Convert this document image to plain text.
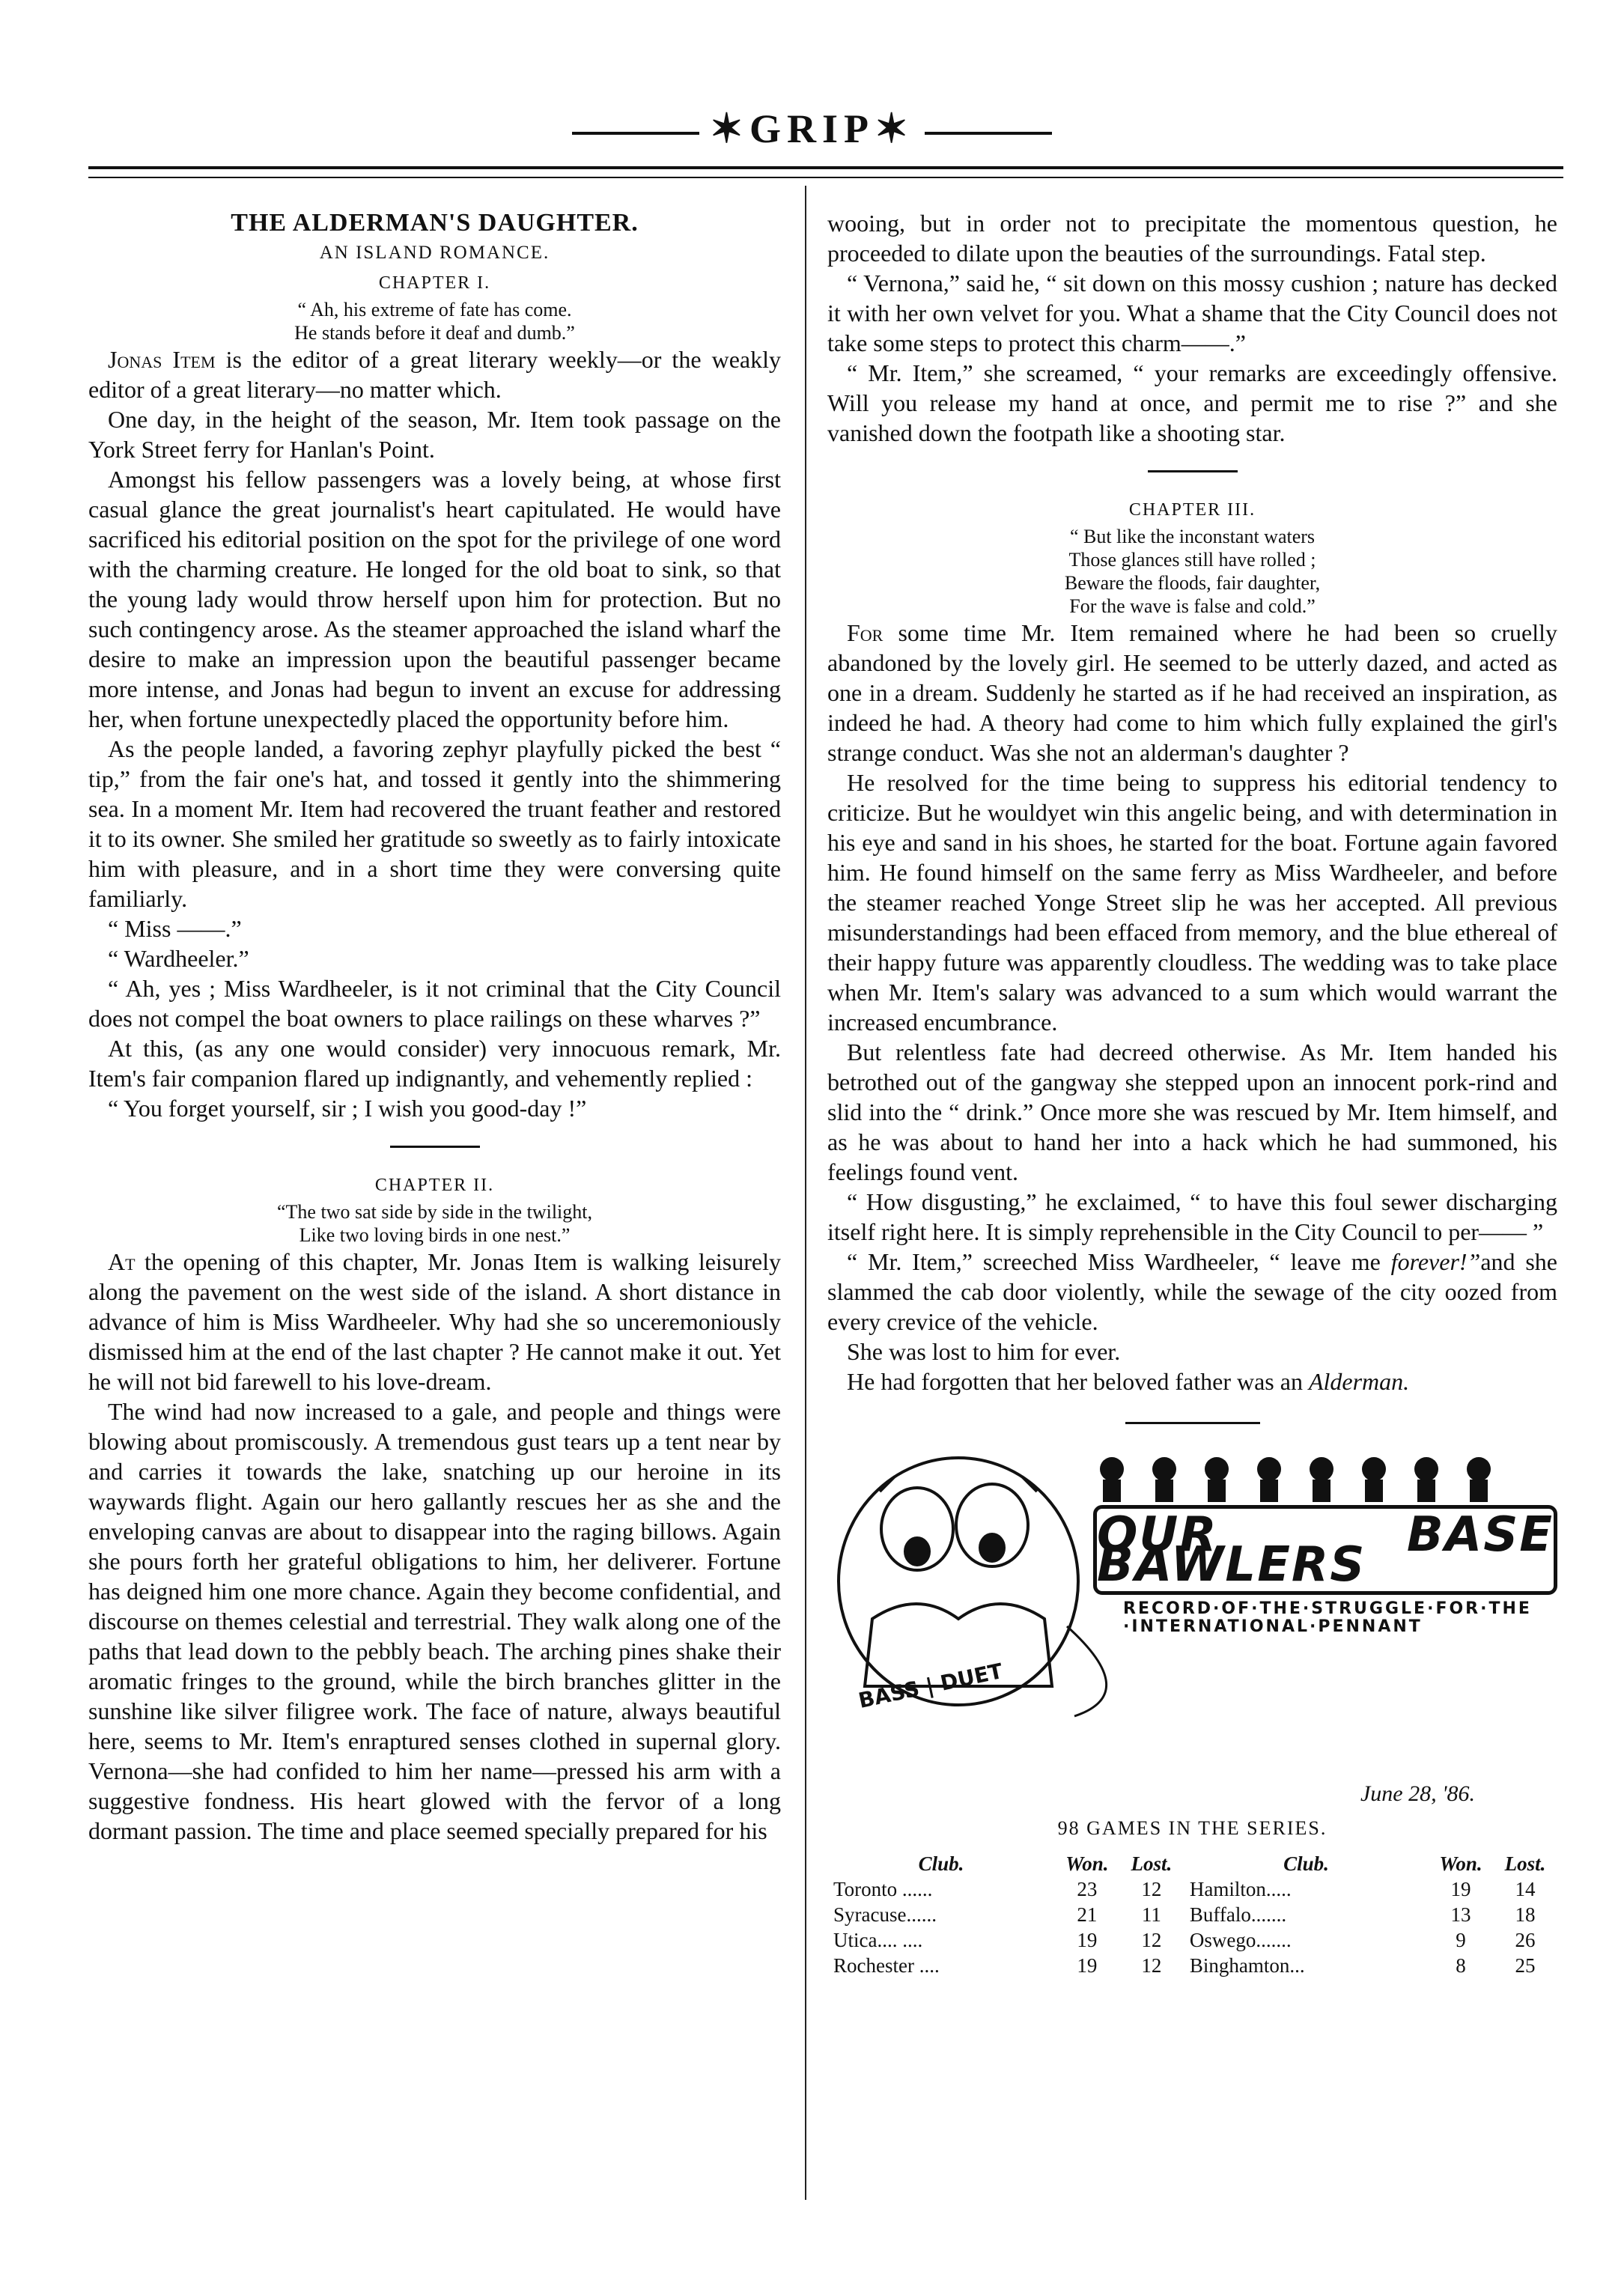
✶GRIP✶

THE ALDERMAN'S DAUGHTER.

AN ISLAND ROMANCE.

CHAPTER I.

“ Ah, his extreme of fate has come.
He stands before it deaf and dumb.”

Jonas Item is the editor of a great literary weekly—or the weakly editor of a great literary—no matter which.

One day, in the height of the season, Mr. Item took passage on the York Street ferry for Hanlan's Point.

Amongst his fellow passengers was a lovely being, at whose first casual glance the great journalist's heart capitulated. He would have sacrificed his editorial position on the spot for the privilege of one word with the charming creature. He longed for the old boat to sink, so that the young lady would throw herself upon him for protection. But no such contingency arose. As the steamer approached the island wharf the desire to make an impression upon the beautiful passenger became more intense, and Jonas had begun to invent an excuse for addressing her, when fortune unexpectedly placed the opportunity before him.

As the people landed, a favoring zephyr playfully picked the best “ tip,” from the fair one's hat, and tossed it gently into the shimmering sea. In a moment Mr. Item had recovered the truant feather and restored it to its owner. She smiled her gratitude so sweetly as to fairly intoxicate him with pleasure, and in a short time they were conversing quite familiarly.

“ Miss ——.”

“ Wardheeler.”

“ Ah, yes ; Miss Wardheeler, is it not criminal that the City Council does not compel the boat owners to place railings on these wharves ?”

At this, (as any one would consider) very innocuous remark, Mr. Item's fair companion flared up indignantly, and vehemently replied :

“ You forget yourself, sir ; I wish you good-day !”

CHAPTER II.

“The two sat side by side in the twilight,
Like two loving birds in one nest.”

At the opening of this chapter, Mr. Jonas Item is walking leisurely along the pavement on the west side of the island. A short distance in advance of him is Miss Wardheeler. Why had she so unceremoniously dismissed him at the end of the last chapter ? He cannot make it out. Yet he will not bid farewell to his love-dream.

The wind had now increased to a gale, and people and things were blowing about promiscously. A tremendous gust tears up a tent near by and carries it towards the lake, snatching up our heroine in its waywards flight. Again our hero gallantly rescues her as she and the enveloping canvas are about to disappear into the raging billows. Again she pours forth her grateful obligations to him, her deliverer. Fortune has deigned him one more chance. Again they become confidential, and discourse on themes celestial and terrestrial. They walk along one of the paths that lead down to the pebbly beach. The arching pines shake their aromatic fringes to the ground, while the birch branches glitter in the sunshine like silver filigree work. The face of nature, always beautiful here, seems to Mr. Item's enraptured senses clothed in supernal glory. Vernona—she had confided to him her name—pressed his arm with a suggestive fondness. His heart glowed with the fervor of a long dormant passion. The time and place seemed specially prepared for his

wooing, but in order not to precipitate the momentous question, he proceeded to dilate upon the beauties of the surroundings. Fatal step.

“ Vernona,” said he, “ sit down on this mossy cushion ; nature has decked it with her own velvet for you. What a shame that the City Council does not take some steps to protect this charm——.”

“ Mr. Item,” she screamed, “ your remarks are exceedingly offensive. Will you release my hand at once, and permit me to rise ?” and she vanished down the footpath like a shooting star.

CHAPTER III.

“ But like the inconstant waters
Those glances still have rolled ;
Beware the floods, fair daughter,
For the wave is false and cold.”

For some time Mr. Item remained where he had been so cruelly abandoned by the lovely girl. He seemed to be utterly dazed, and acted as one in a dream. Suddenly he started as if he had received an inspiration, as indeed he had. A theory had come to him which fully explained the girl's strange conduct. Was she not an alderman's daughter ?

He resolved for the time being to suppress his editorial tendency to criticize. But he wouldyet win this angelic being, and with determination in his eye and sand in his shoes, he started for the boat. Fortune again favored him. He found himself on the same ferry as Miss Wardheeler, and before the steamer reached Yonge Street slip he was her accepted. All previous misunderstandings had been effaced from memory, and the blue ethereal of their happy future was apparently cloudless. The wedding was to take place when Mr. Item's salary was advanced to a sum which would warrant the increased encumbrance.

But relentless fate had decreed otherwise. As Mr. Item handed his betrothed out of the gangway she stepped upon an innocent pork-rind and slid into the “ drink.” Once more she was rescued by Mr. Item himself, and as he was about to hand her into a hack which he had summoned, his feelings found vent.

“ How disgusting,” he exclaimed, “ to have this foul sewer discharging itself right here. It is simply reprehensible in the City Council to per—— ”

“ Mr. Item,” screeched Miss Wardheeler, “ leave me forever!”and she slammed the cab door violently, while the sewage of the city oozed from every crevice of the vehicle.

She was lost to him for ever.

He had forgotten that her beloved father was an Alderman.

OUR BASE BAWLERS
RECORD·OF·THE·STRUGGLE·FOR·THE
·INTERNATIONAL·PENNANT
BASS | DUET
June 28, '86.
98 GAMES IN THE SERIES.
Club.	Won.	Lost.	Club.	Won.	Lost.
Toronto ......	23	12	Hamilton.....	19	14
Syracuse......	21	11	Buffalo.......	13	18
Utica.... ....	19	12	Oswego.......	9	26
Rochester ....	19	12	Binghamton...	8	25
